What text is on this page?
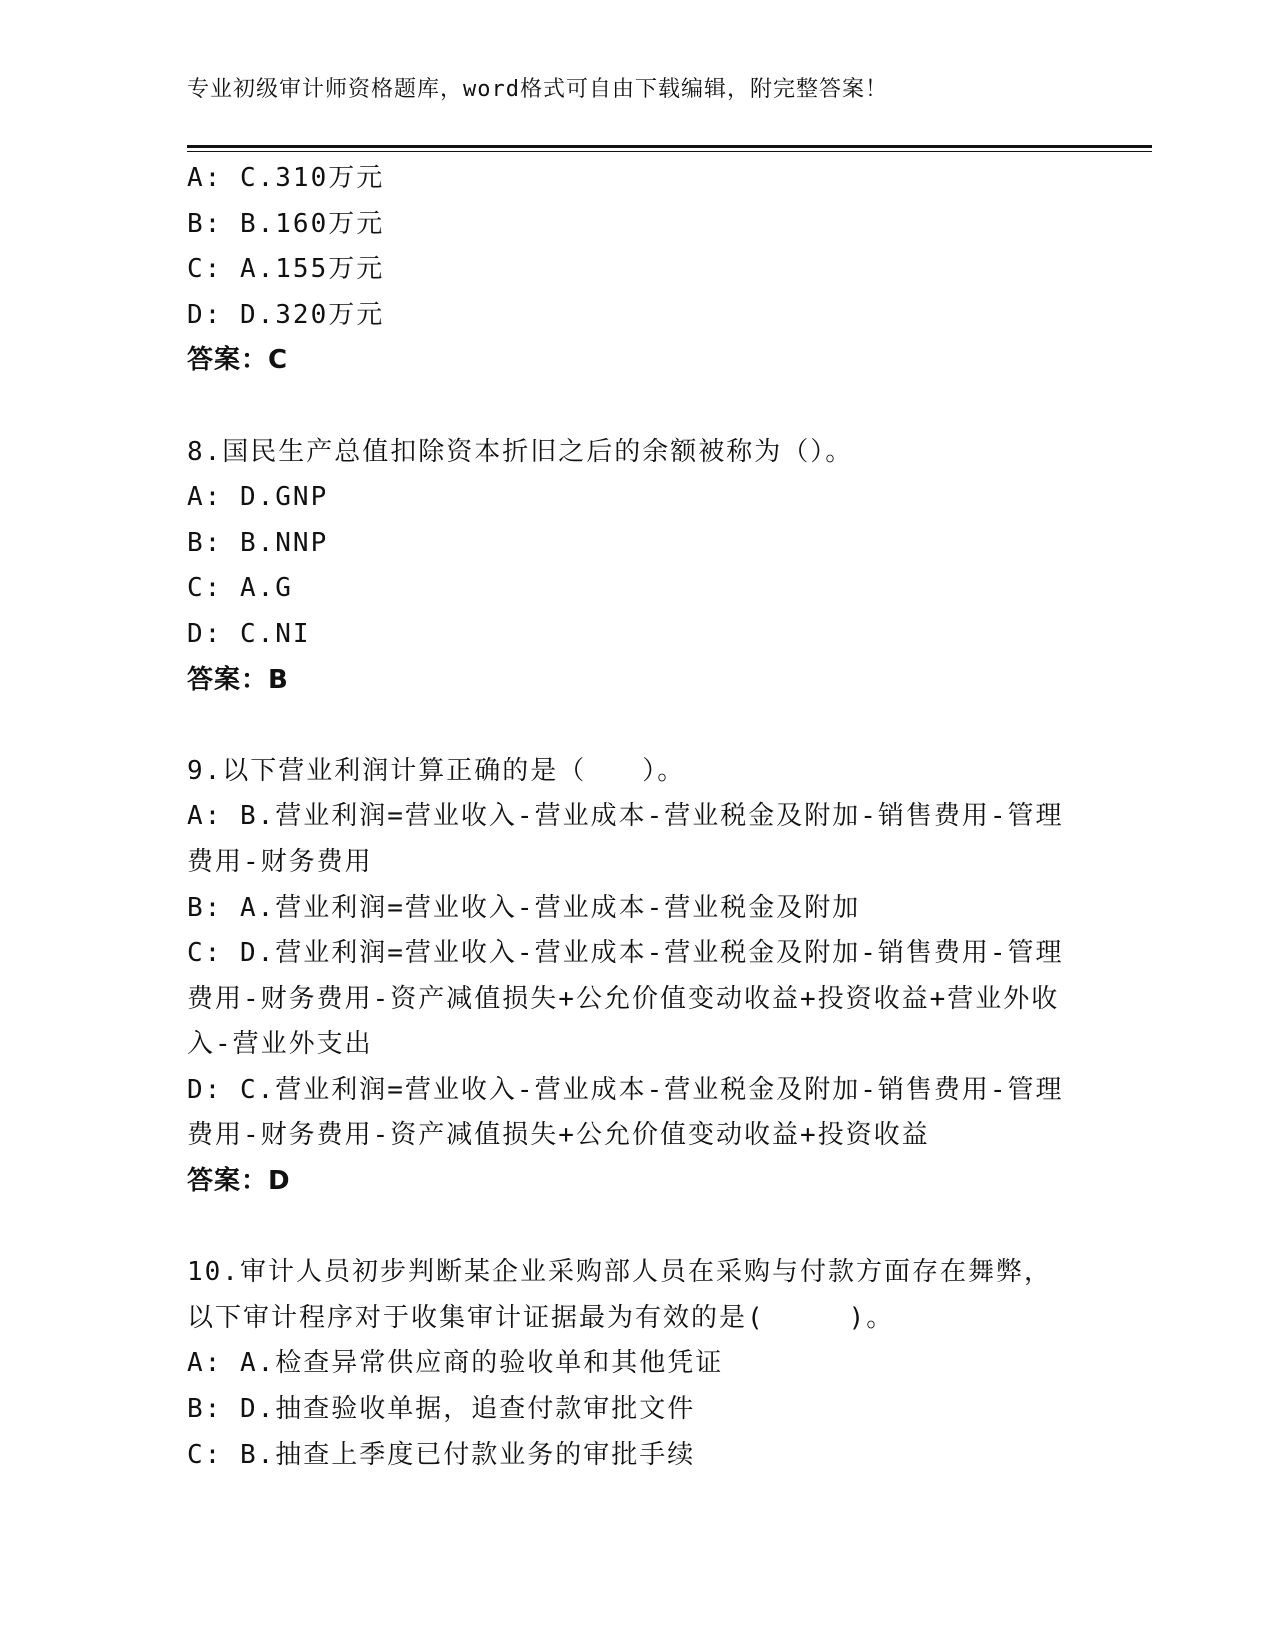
专业初级审计师资格题库，word格式可自由下载编辑，附完整答案！
A: C.310万元
B: B.160万元
C: A.155万元
D: D.320万元
答案：C
8.国民生产总值扣除资本折旧之后的余额被称为（）。
A: D.GNP
B: B.NNP
C: A.G
D: C.NI
答案：B
9.以下营业利润计算正确的是（　　）。
A: B.营业利润=营业收入-营业成本-营业税金及附加-销售费用-管理费用-财务费用
B: A.营业利润=营业收入-营业成本-营业税金及附加
C: D.营业利润=营业收入-营业成本-营业税金及附加-销售费用-管理费用-财务费用-资产减值损失+公允价值变动收益+投资收益+营业外收入-营业外支出
D: C.营业利润=营业收入-营业成本-营业税金及附加-销售费用-管理费用-财务费用-资产减值损失+公允价值变动收益+投资收益
答案：D
10.审计人员初步判断某企业采购部人员在采购与付款方面存在舞弊，以下审计程序对于收集审计证据最为有效的是(　　　)。
A: A.检查异常供应商的验收单和其他凭证
B: D.抽查验收单据，追查付款审批文件
C: B.抽查上季度已付款业务的审批手续
